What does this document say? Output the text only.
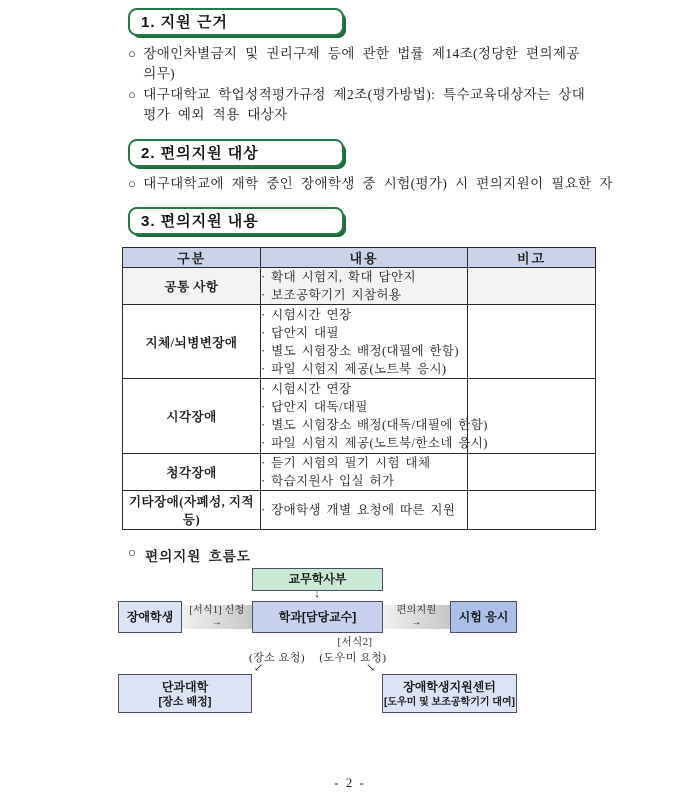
1. 지원 근거
○ 장애인차별금지 및 권리구제 등에 관한 법률 제14조(정당한 편의제공
의무)
○ 대구대학교 학업성적평가규정 제2조(평가방법): 특수교육대상자는 상대
평가 예외 적용 대상자
2. 편의지원 대상
○ 대구대학교에 재학 중인 장애학생 중 시험(평가) 시 편의지원이 필요한 자
3. 편의지원 내용
구분	내용	비고
공통 사항	· 확대 시험지, 확대 답안지
· 보조공학기기 지참허용	

지체/뇌병변장애	· 시험시간 연장
· 답안지 대필
· 별도 시험장소 배정(대필에 한함)
· 파일 시험지 제공(노트북 응시)	

시각장애	· 시험시간 연장
· 답안지 대독/대필
· 별도 시험장소 배정(대독/대필에 한함)
· 파일 시험지 제공(노트북/한소네 응시)	

청각장애	· 듣기 시험의 필기 시험 대체
· 학습지원사 입실 허가	

기타장애(자폐성, 지적 등)	· 장애학생 개별 요청에 따른 지원	

○ 편의지원 흐름도
교무학사부
↓
장애학생	[서식1] 신청
→	학과[담당교수]	편의지원
→	시험 응시
[서식2]
(장소 요청)	(도우미 요청)
↙	↘
단과대학
[장소 배정]
장애학생지원센터
[도우미 및 보조공학기기 대여]
- 2 -
